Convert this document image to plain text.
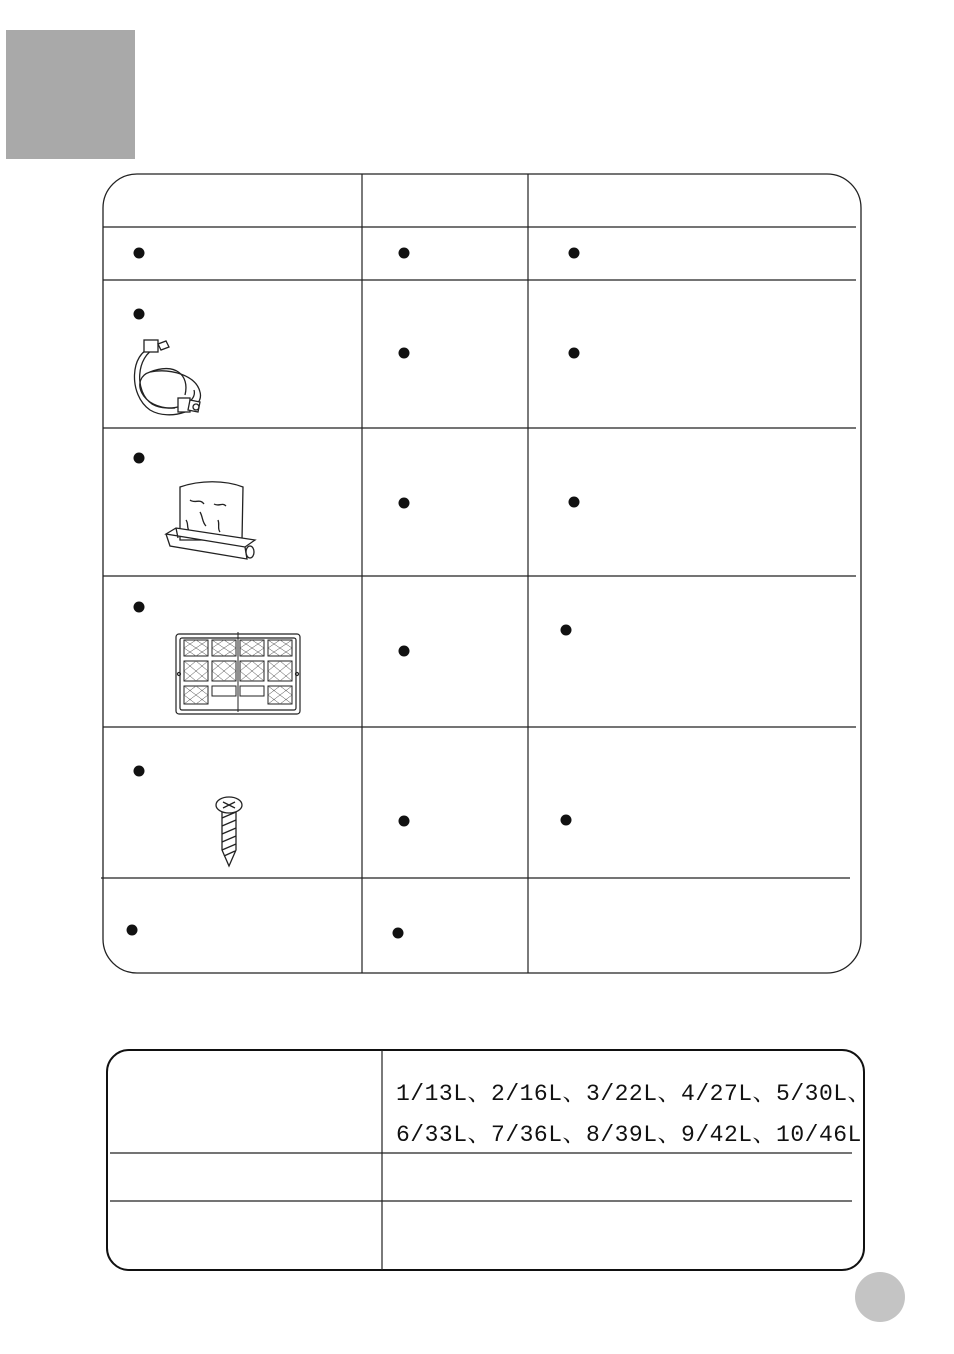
1/13L、2/16L、3/22L、4/27L、5/30L、
6/33L、7/36L、8/39L、9/42L、10/46L
